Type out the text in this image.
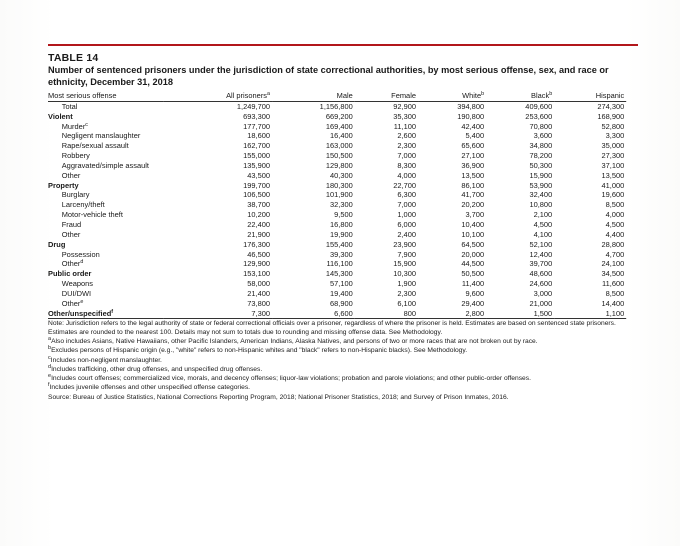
TABLE 14
Number of sentenced prisoners under the jurisdiction of state correctional authorities, by most serious offense, sex, and race or ethnicity, December 31, 2018
Most serious offense	All prisoners$^a$	Male	Female	White$^b$	Black$^b$	Hispanic
Total	1,249,700	1,156,800	92,900	394,800	409,600	274,300
Violent	693,300	669,200	35,300	190,800	253,600	168,900
Murder$^c$	177,700	169,400	11,100	42,400	70,800	52,800
Negligent manslaughter	18,600	16,400	2,600	5,400	3,600	3,300
Rape/sexual assault	162,700	163,000	2,300	65,600	34,800	35,000
Robbery	155,000	150,500	7,000	27,100	78,200	27,300
Aggravated/simple assault	135,900	129,800	8,300	36,900	50,300	37,100
Other	43,500	40,300	4,000	13,500	15,900	13,500
Property	199,700	180,300	22,700	86,100	53,900	41,000
Burglary	106,500	101,900	6,300	41,700	32,400	19,600
Larceny/theft	38,700	32,300	7,000	20,200	10,800	8,500
Motor-vehicle theft	10,200	9,500	1,000	3,700	2,100	4,000
Fraud	22,400	16,800	6,000	10,400	4,500	4,500
Other	21,900	19,900	2,400	10,100	4,100	4,400
Drug	176,300	155,400	23,900	64,500	52,100	28,800
Possession	46,500	39,300	7,900	20,000	12,400	4,700
Other$^d$	129,900	116,100	15,900	44,500	39,700	24,100
Public order	153,100	145,300	10,300	50,500	48,600	34,500
Weapons	58,000	57,100	1,900	11,400	24,600	11,600
DUI/DWI	21,400	19,400	2,300	9,600	3,000	8,500
Other$^e$	73,800	68,900	6,100	29,400	21,000	14,400
Other/unspecified$^f$	7,300	6,600	800	2,800	1,500	1,100

Note: Jurisdiction refers to the legal authority of state or federal correctional officials over a prisoner, regardless of where the prisoner is held. Estimates are based on sentenced state prisoners. Estimates are rounded to the nearest 100. Details may not sum to totals due to rounding and missing offense data. See Methodology.

$^a$Also includes Asians, Native Hawaiians, other Pacific Islanders, American Indians, Alaska Natives, and persons of two or more races that are not broken out by race.

$^b$Excludes persons of Hispanic origin (e.g., "white" refers to non-Hispanic whites and "black" refers to non-Hispanic blacks). See Methodology.

$^c$Includes non-negligent manslaughter.

$^d$Includes trafficking, other drug offenses, and unspecified drug offenses.

$^e$Includes court offenses; commercialized vice, morals, and decency offenses; liquor-law violations; probation and parole violations; and other public-order offenses.

$^f$Includes juvenile offenses and other unspecified offense categories.

Source: Bureau of Justice Statistics, National Corrections Reporting Program, 2018; National Prisoner Statistics, 2018; and Survey of Prison Inmates, 2016.
